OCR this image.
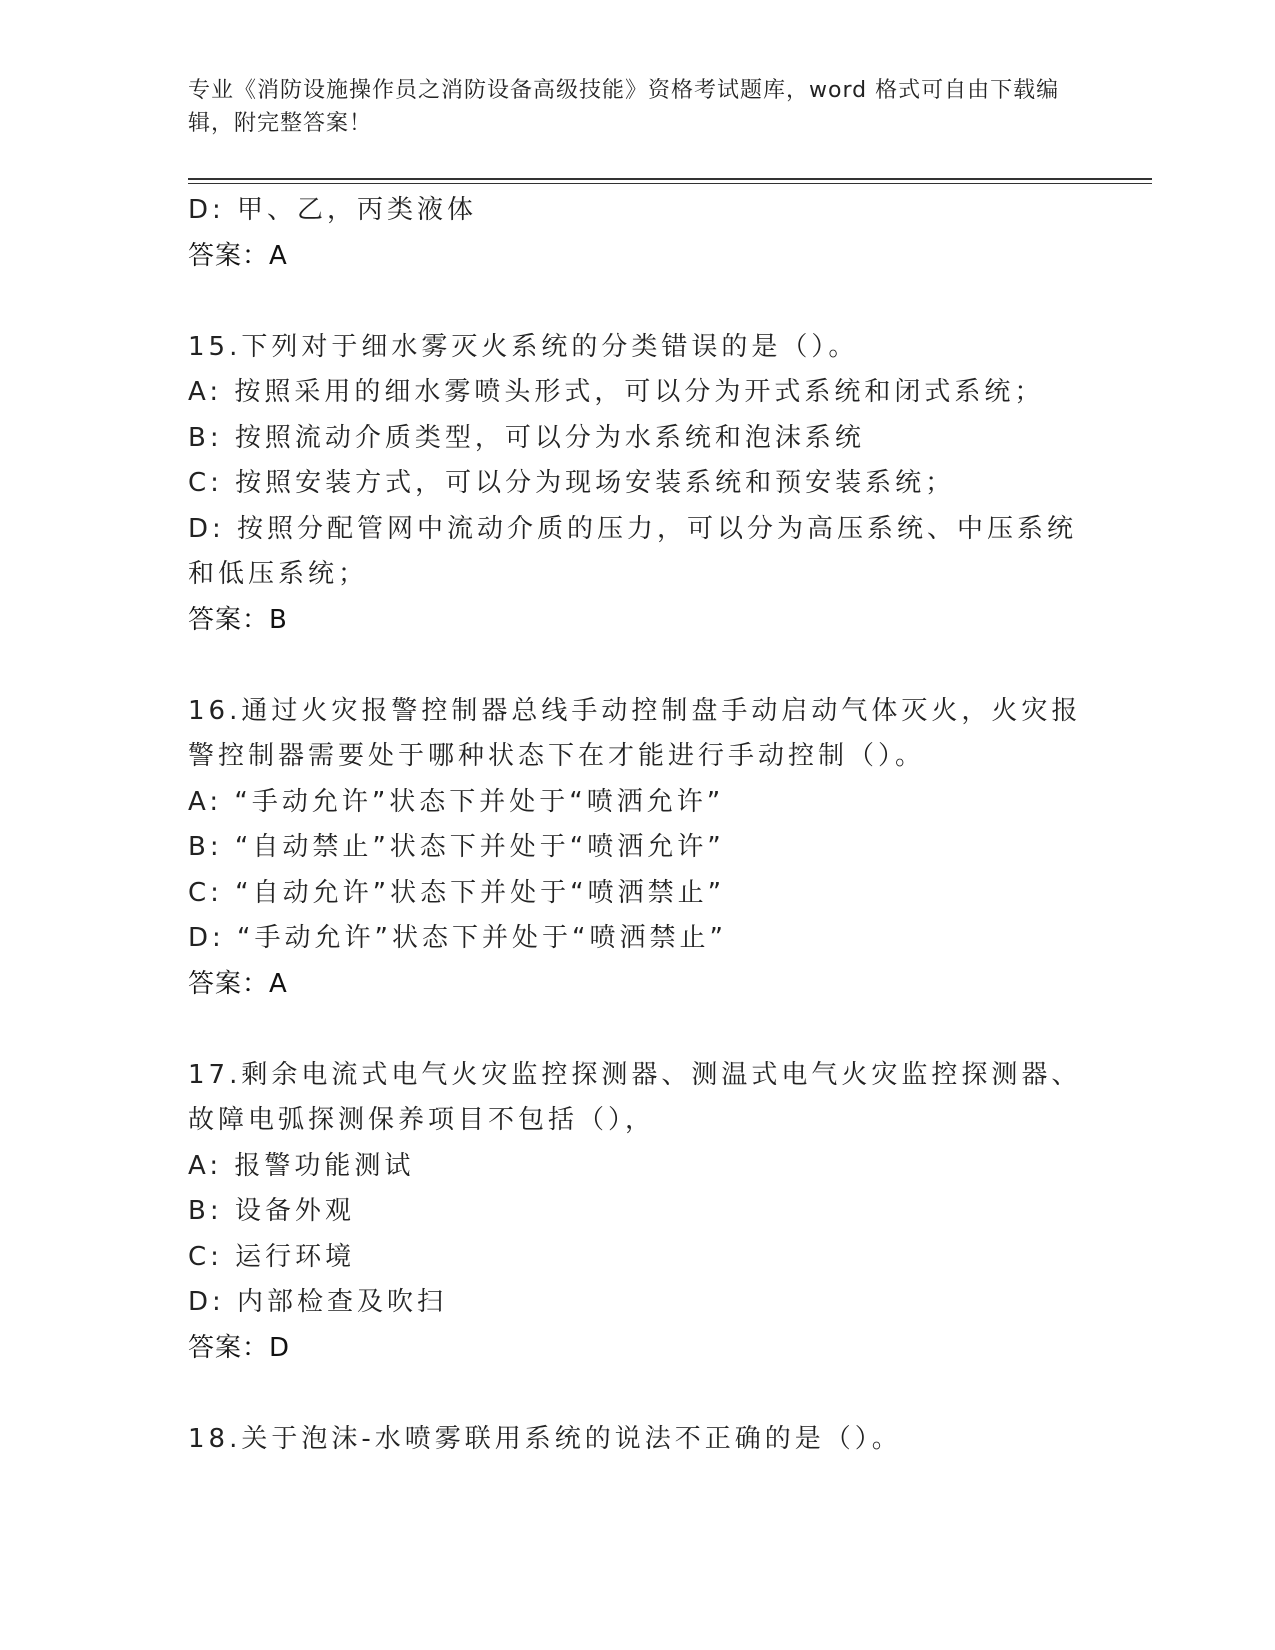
专业《消防设施操作员之消防设备高级技能》资格考试题库，word 格式可自由下载编辑，附完整答案！
D: 甲、乙，丙类液体
答案：A
15.下列对于细水雾灭火系统的分类错误的是（）。
A: 按照采用的细水雾喷头形式，可以分为开式系统和闭式系统；
B: 按照流动介质类型，可以分为水系统和泡沫系统
C: 按照安装方式，可以分为现场安装系统和预安装系统；
D: 按照分配管网中流动介质的压力，可以分为高压系统、中压系统和低压系统；
答案：B
16.通过火灾报警控制器总线手动控制盘手动启动气体灭火，火灾报警控制器需要处于哪种状态下在才能进行手动控制（）。
A: “手动允许”状态下并处于“喷洒允许”
B: “自动禁止”状态下并处于“喷洒允许”
C: “自动允许”状态下并处于“喷洒禁止”
D: “手动允许”状态下并处于“喷洒禁止”
答案：A
17.剩余电流式电气火灾监控探测器、测温式电气火灾监控探测器、故障电弧探测保养项目不包括（），
A: 报警功能测试
B: 设备外观
C: 运行环境
D: 内部检查及吹扫
答案：D
18.关于泡沫-水喷雾联用系统的说法不正确的是（）。
